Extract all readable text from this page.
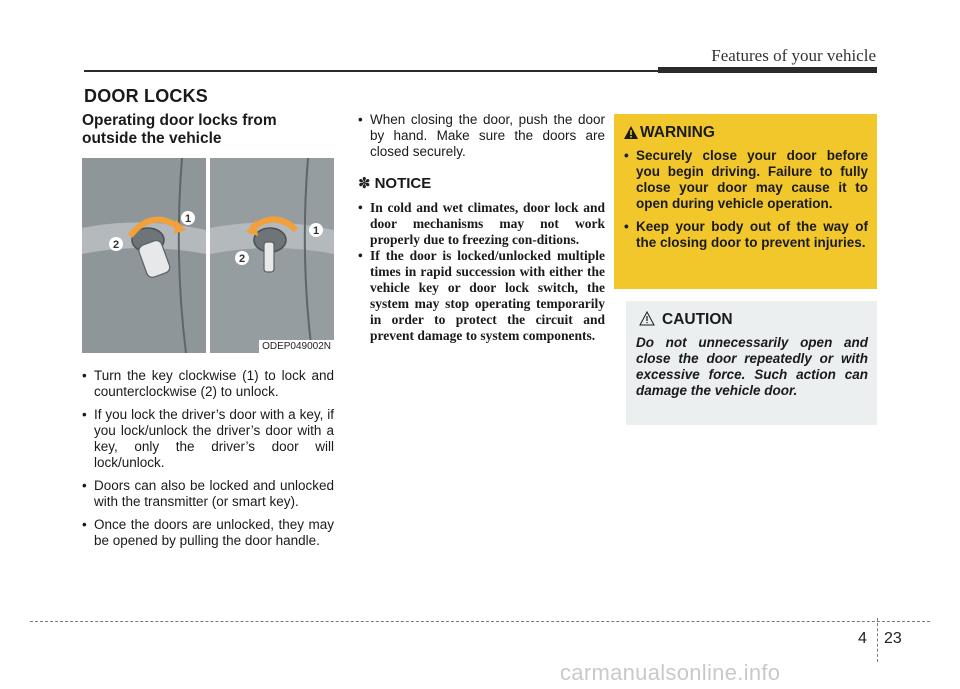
Features of your vehicle
DOOR LOCKS

Operating door locks from outside the vehicle

1
2
1
2
ODEP049002N
• Turn the key clockwise (1) to lock and counterclockwise (2) to unlock.
• If you lock the driver’s door with a key, if you lock/unlock the driver’s door with a key, only the driver’s door will lock/unlock.
• Doors can also be locked and unlocked with the transmitter (or smart key).
• Once the doors are unlocked, they may be opened by pulling the door handle.
• When closing the door, push the door by hand. Make sure the doors are closed securely.
✽ NOTICE
• In cold and wet climates, door lock and door mechanisms may not work properly due to freezing con-ditions.
• If the door is locked/unlocked multiple times in rapid succession with either the vehicle key or door lock switch, the system may stop operating temporarily in order to protect the circuit and prevent damage to system components.
WARNING
• Securely close your door before you begin driving. Failure to fully close your door may cause it to open during vehicle operation.
• Keep your body out of the way of the closing door to prevent injuries.
CAUTION
Do not unnecessarily open and close the door repeatedly or with excessive force. Such action can damage the vehicle door.
4 23
carmanualsonline.info
